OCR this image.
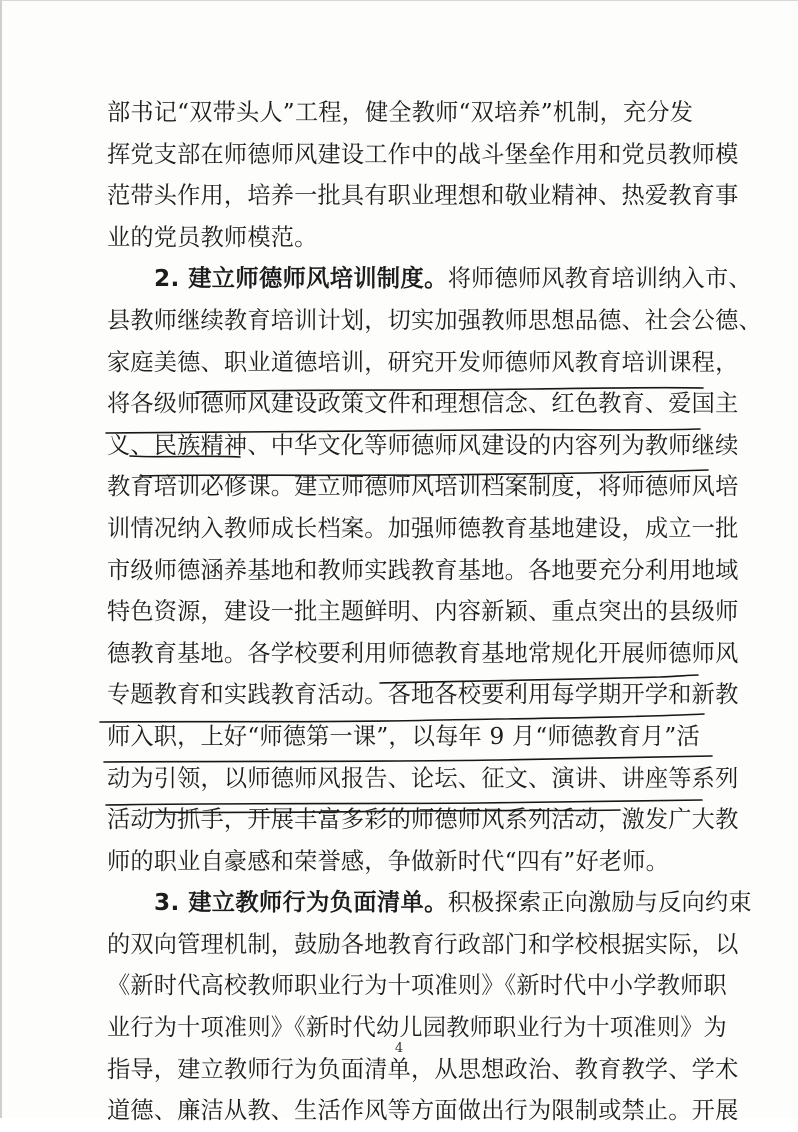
部书记“双带头人”工程，健全教师“双培养”机制，充分发
挥党支部在师德师风建设工作中的战斗堡垒作用和党员教师模
范带头作用，培养一批具有职业理想和敬业精神、热爱教育事
业的党员教师模范。

2. 建立师德师风培训制度。将师德师风教育培训纳入市、
县教师继续教育培训计划，切实加强教师思想品德、社会公德、
家庭美德、职业道德培训，研究开发师德师风教育培训课程，
将各级师德师风建设政策文件和理想信念、红色教育、爱国主
义、民族精神、中华文化等师德师风建设的内容列为教师继续
教育培训必修课。建立师德师风培训档案制度，将师德师风培
训情况纳入教师成长档案。加强师德教育基地建设，成立一批
市级师德涵养基地和教师实践教育基地。各地要充分利用地域
特色资源，建设一批主题鲜明、内容新颖、重点突出的县级师
德教育基地。各学校要利用师德教育基地常规化开展师德师风
专题教育和实践教育活动。各地各校要利用每学期开学和新教
师入职，上好“师德第一课”，以每年 9 月“师德教育月”活
动为引领，以师德师风报告、论坛、征文、演讲、讲座等系列
活动为抓手，开展丰富多彩的师德师风系列活动，激发广大教
师的职业自豪感和荣誉感，争做新时代“四有”好老师。

3. 建立教师行为负面清单。积极探索正向激励与反向约束
的双向管理机制，鼓励各地教育行政部门和学校根据实际，以
《新时代高校教师职业行为十项准则》《新时代中小学教师职
业行为十项准则》《新时代幼儿园教师职业行为十项准则》为
指导，建立教师行为负面清单，从思想政治、教育教学、学术
道德、廉洁从教、生活作风等方面做出行为限制或禁止。开展

4
